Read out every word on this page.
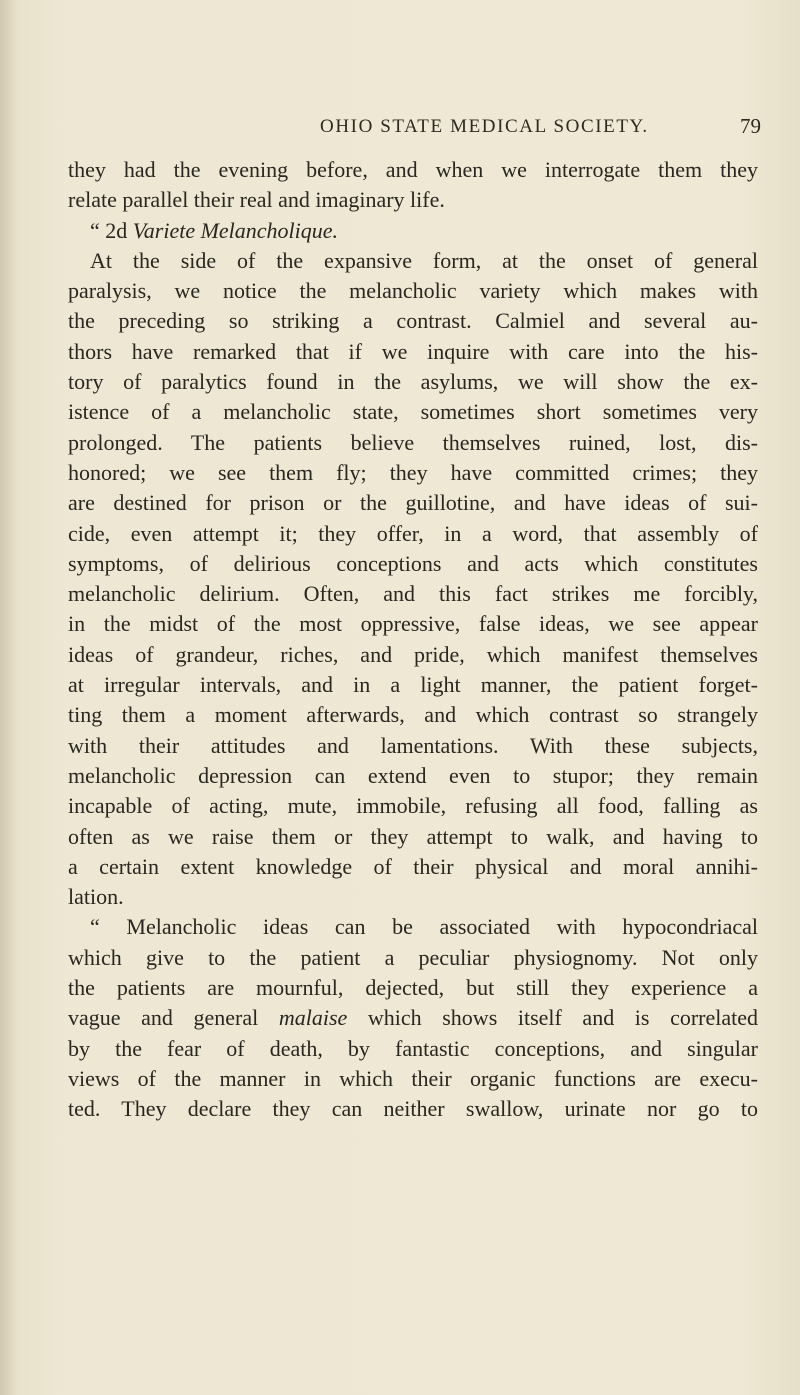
OHIO STATE MEDICAL SOCIETY.	79
they had the evening before, and when we interrogate them they
relate parallel their real and imaginary life.
“ 2d Variete Melancholique.
At the side of the expansive form, at the onset of general
paralysis, we notice the melancholic variety which makes with
the preceding so striking a contrast. Calmiel and several au-
thors have remarked that if we inquire with care into the his-
tory of paralytics found in the asylums, we will show the ex-
istence of a melancholic state, sometimes short sometimes very
prolonged. The patients believe themselves ruined, lost, dis-
honored; we see them fly; they have committed crimes; they
are destined for prison or the guillotine, and have ideas of sui-
cide, even attempt it; they offer, in a word, that assembly of
symptoms, of delirious conceptions and acts which constitutes
melancholic delirium. Often, and this fact strikes me forcibly,
in the midst of the most oppressive, false ideas, we see appear
ideas of grandeur, riches, and pride, which manifest themselves
at irregular intervals, and in a light manner, the patient forget-
ting them a moment afterwards, and which contrast so strangely
with their attitudes and lamentations. With these subjects,
melancholic depression can extend even to stupor; they remain
incapable of acting, mute, immobile, refusing all food, falling as
often as we raise them or they attempt to walk, and having to
a certain extent knowledge of their physical and moral annihi-
lation.
“ Melancholic ideas can be associated with hypocondriacal
which give to the patient a peculiar physiognomy. Not only
the patients are mournful, dejected, but still they experience a
vague and general malaise which shows itself and is correlated
by the fear of death, by fantastic conceptions, and singular
views of the manner in which their organic functions are execu-
ted. They declare they can neither swallow, urinate nor go to
